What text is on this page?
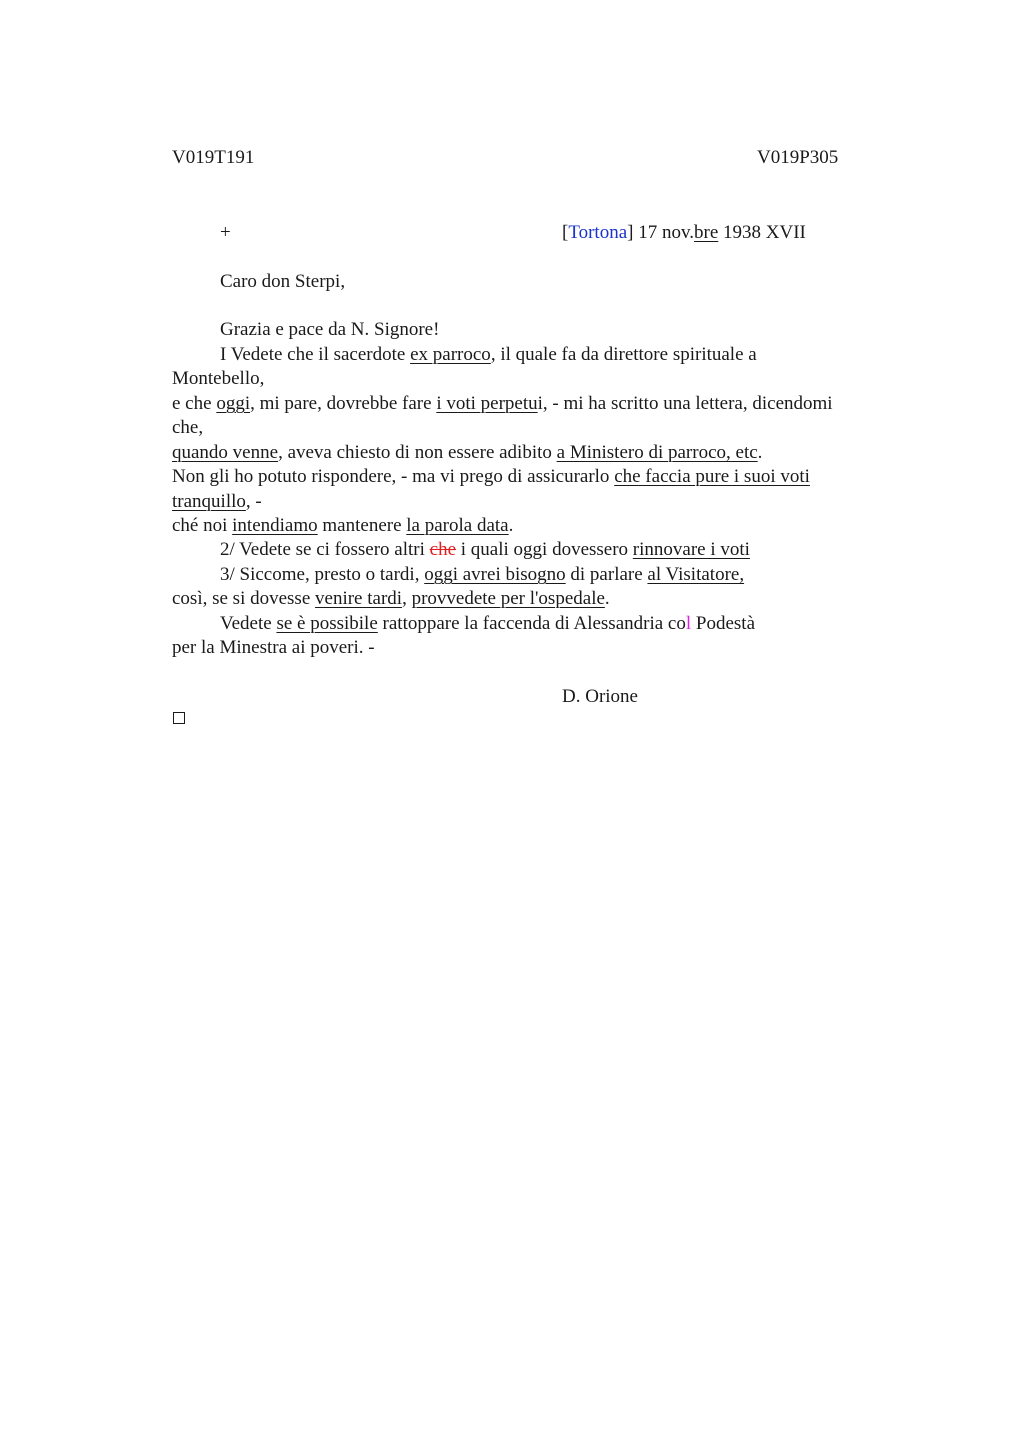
V019T191	V019P305
+	[Tortona] 17 nov.bre 1938 XVII
Caro don Sterpi,
Grazia e pace da N. Signore!
I Vedete che il sacerdote ex parroco, il quale fa da direttore spirituale a
Montebello,
e che oggi, mi pare, dovrebbe fare i voti perpetui, - mi ha scritto una lettera, dicendomi
che,
quando venne, aveva chiesto di non essere adibito a Ministero di parroco, etc.
Non gli ho potuto rispondere, - ma vi prego di assicurarlo che faccia pure i suoi voti
tranquillo, -
ché noi intendiamo mantenere la parola data.
2/ Vedete se ci fossero altri che i quali oggi dovessero rinnovare i voti
3/ Siccome, presto o tardi, oggi avrei bisogno di parlare al Visitatore,
così, se si dovesse venire tardi, provvedete per l'ospedale.
Vedete se è possibile rattoppare la faccenda di Alessandria col Podestà
per la Minestra ai poveri. -
D. Orione
